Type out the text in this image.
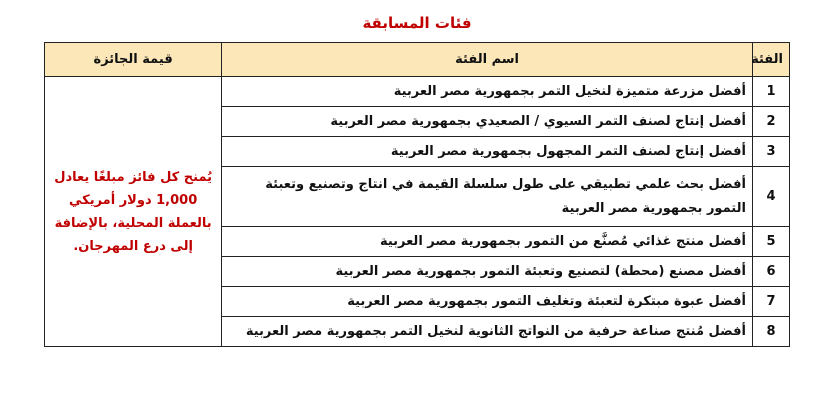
فئات المسابقة
الفئة	اسم الفئة	قيمة الجائزة
1	أفضل مزرعة متميزة لنخيل التمر بجمهورية مصر العربية	يُمنح كل فائز مبلغًا يعادل 1,000 دولار أمريكي بالعملة المحلية، بالإضافة إلى درع المهرجان.
2	أفضل إنتاج لصنف التمر السيوي / الصعيدي بجمهورية مصر العربية	
3	أفضل إنتاج لصنف التمر المجهول بجمهورية مصر العربية	
4	أفضل بحث علمي تطبيقي على طول سلسلة القيمة في انتاج وتصنيع وتعبئة التمور بجمهورية مصر العربية	
5	أفضل منتج غذائي مُصنَّع من التمور بجمهورية مصر العربية	
6	أفضل مصنع (محطة) لتصنيع وتعبئة التمور بجمهورية مصر العربية	
7	أفضل عبوة مبتكرة لتعبئة وتغليف التمور بجمهورية مصر العربية	
8	أفضل مُنتج صناعة حرفية من النواتج الثانوية لنخيل التمر بجمهورية مصر العربية	
